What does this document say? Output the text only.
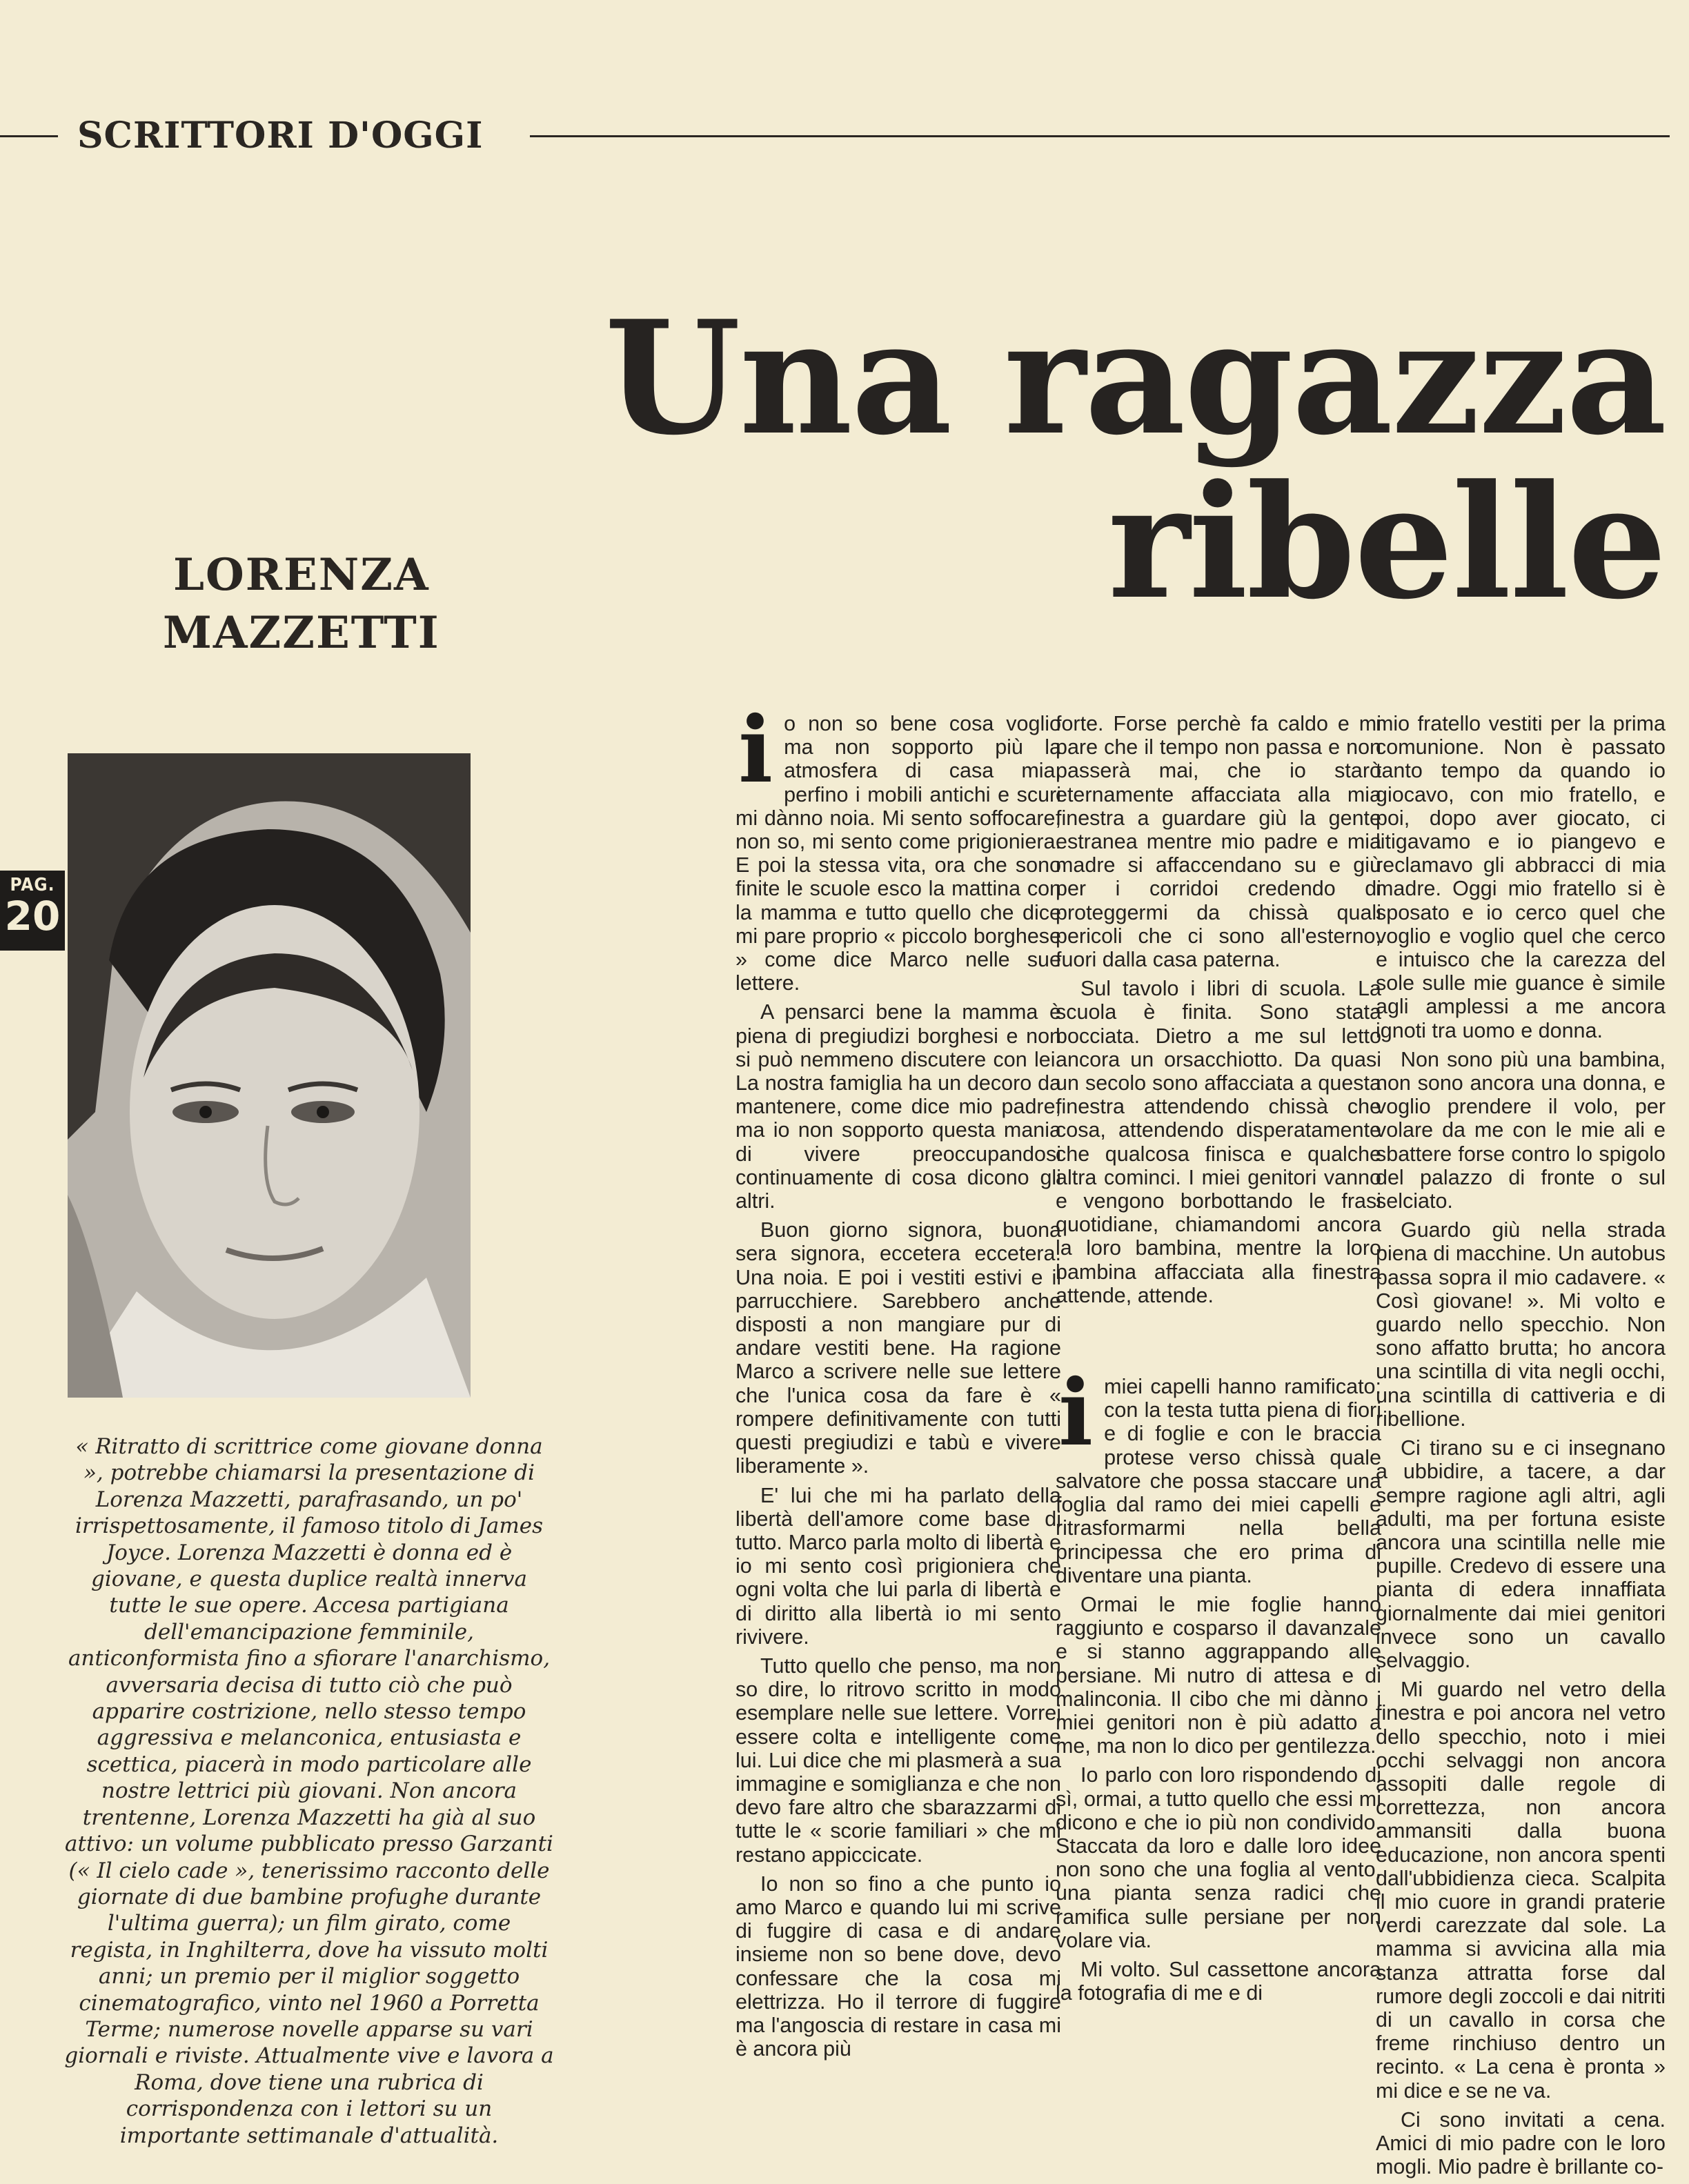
SCRITTORI D'OGGI
Una ragazza
ribelle
LORENZA
MAZZETTI
PAG.
20

« Ritratto di scrittrice come giovane donna », potrebbe chiamarsi la presentazione di Lorenza Mazzetti, parafrasando, un po' irrispettosamente, il famoso titolo di James Joyce. Lorenza Mazzetti è donna ed è giovane, e questa duplice realtà innerva tutte le sue opere. Accesa partigiana dell'emancipazione femminile, anticonformista fino a sfiorare l'anarchismo, avversaria decisa di tutto ciò che può apparire costrizione, nello stesso tempo aggressiva e melanconica, entusiasta e scettica, piacerà in modo particolare alle nostre lettrici più giovani. Non ancora trentenne, Lorenza Mazzetti ha già al suo attivo: un volume pubblicato presso Garzanti (« Il cielo cade », tenerissimo racconto delle giornate di due bambine profughe durante l'ultima guerra); un film girato, come regista, in Inghilterra, dove ha vissuto molti anni; un premio per il miglior soggetto cinematografico, vinto nel 1960 a Porretta Terme; numerose novelle apparse su vari giornali e riviste. Attualmente vive e lavora a Roma, dove tiene una rubrica di corrispondenza con i lettori su un importante settimanale d'attualità.

io non so bene cosa voglio ma non sopporto più la atmosfera di casa mia, perfino i mobili antichi e scuri mi dànno noia. Mi sento soffocare, non so, mi sento come prigioniera. E poi la stessa vita, ora che sono finite le scuole esco la mattina con la mamma e tutto quello che dice mi pare proprio « piccolo borghese » come dice Marco nelle sue lettere.

A pensarci bene la mamma è piena di pregiudizi borghesi e non si può nemmeno discutere con lei. La nostra famiglia ha un decoro da mantenere, come dice mio padre, ma io non sopporto questa mania di vivere preoccupandosi continuamente di cosa dicono gli altri.

Buon giorno signora, buona sera signora, eccetera eccetera. Una noia. E poi i vestiti estivi e il parrucchiere. Sarebbero anche disposti a non mangiare pur di andare vestiti bene. Ha ragione Marco a scrivere nelle sue lettere che l'unica cosa da fare è « rompere definitivamente con tutti questi pregiudizi e tabù e vivere liberamente ».

E' lui che mi ha parlato della libertà dell'amore come base di tutto. Marco parla molto di libertà e io mi sento così prigioniera che ogni volta che lui parla di libertà e di diritto alla libertà io mi sento rivivere.

Tutto quello che penso, ma non so dire, lo ritrovo scritto in modo esemplare nelle sue lettere. Vorrei essere colta e intelligente come lui. Lui dice che mi plasmerà a sua immagine e somiglianza e che non devo fare altro che sbarazzarmi di tutte le « scorie familiari » che mi restano appiccicate.

Io non so fino a che punto io amo Marco e quando lui mi scrive di fuggire di casa e di andare insieme non so bene dove, devo confessare che la cosa mi elettrizza. Ho il terrore di fuggire ma l'angoscia di restare in casa mi è ancora più

forte. Forse perchè fa caldo e mi pare che il tempo non passa e non passerà mai, che io starò eternamente affacciata alla mia finestra a guardare giù la gente estranea mentre mio padre e mia madre si affaccendano su e giù per i corridoi credendo di proteggermi da chissà quali pericoli che ci sono all'esterno, fuori dalla casa paterna.

Sul tavolo i libri di scuola. La scuola è finita. Sono stata bocciata. Dietro a me sul letto ancora un orsacchiotto. Da quasi un secolo sono affacciata a questa finestra attendendo chissà che cosa, attendendo disperatamente che qualcosa finisca e qualche altra cominci. I miei genitori vanno e vengono borbottando le frasi quotidiane, chiamandomi ancora la loro bambina, mentre la loro bambina affacciata alla finestra attende, attende.

imiei capelli hanno ramificato: con la testa tutta piena di fiori e di foglie e con le braccia protese verso chissà quale salvatore che possa staccare una foglia dal ramo dei miei capelli e ritrasformarmi nella bella principessa che ero prima di diventare una pianta.

Ormai le mie foglie hanno raggiunto e cosparso il davanzale e si stanno aggrappando alle persiane. Mi nutro di attesa e di malinconia. Il cibo che mi dànno i miei genitori non è più adatto a me, ma non lo dico per gentilezza.

Io parlo con loro rispondendo di sì, ormai, a tutto quello che essi mi dicono e che io più non condivido. Staccata da loro e dalle loro idee non sono che una foglia al vento, una pianta senza radici che ramifica sulle persiane per non volare via.

Mi volto. Sul cassettone ancora la fotografia di me e di

mio fratello vestiti per la prima comunione. Non è passato tanto tempo da quando io giocavo, con mio fratello, e poi, dopo aver giocato, ci litigavamo e io piangevo e reclamavo gli abbracci di mia madre. Oggi mio fratello si è sposato e io cerco quel che voglio e voglio quel che cerco e intuisco che la carezza del sole sulle mie guance è simile agli amplessi a me ancora ignoti tra uomo e donna.

Non sono più una bambina, non sono ancora una donna, e voglio prendere il volo, per volare da me con le mie ali e sbattere forse contro lo spigolo del palazzo di fronte o sul selciato.

Guardo giù nella strada piena di macchine. Un autobus passa sopra il mio cadavere. « Così giovane! ». Mi volto e guardo nello specchio. Non sono affatto brutta; ho ancora una scintilla di vita negli occhi, una scintilla di cattiveria e di ribellione.

Ci tirano su e ci insegnano a ubbidire, a tacere, a dar sempre ragione agli altri, agli adulti, ma per fortuna esiste ancora una scintilla nelle mie pupille. Credevo di essere una pianta di edera innaffiata giornalmente dai miei genitori invece sono un cavallo selvaggio.

Mi guardo nel vetro della finestra e poi ancora nel vetro dello specchio, noto i miei occhi selvaggi non ancora assopiti dalle regole di correttezza, non ancora ammansiti dalla buona educazione, non ancora spenti dall'ubbidienza cieca. Scalpita il mio cuore in grandi praterie verdi carezzate dal sole. La mamma si avvicina alla mia stanza attratta forse dal rumore degli zoccoli e dai nitriti di un cavallo in corsa che freme rinchiuso dentro un recinto. « La cena è pronta » mi dice e se ne va.

Ci sono invitati a cena. Amici di mio padre con le loro mogli. Mio padre è brillante co-
